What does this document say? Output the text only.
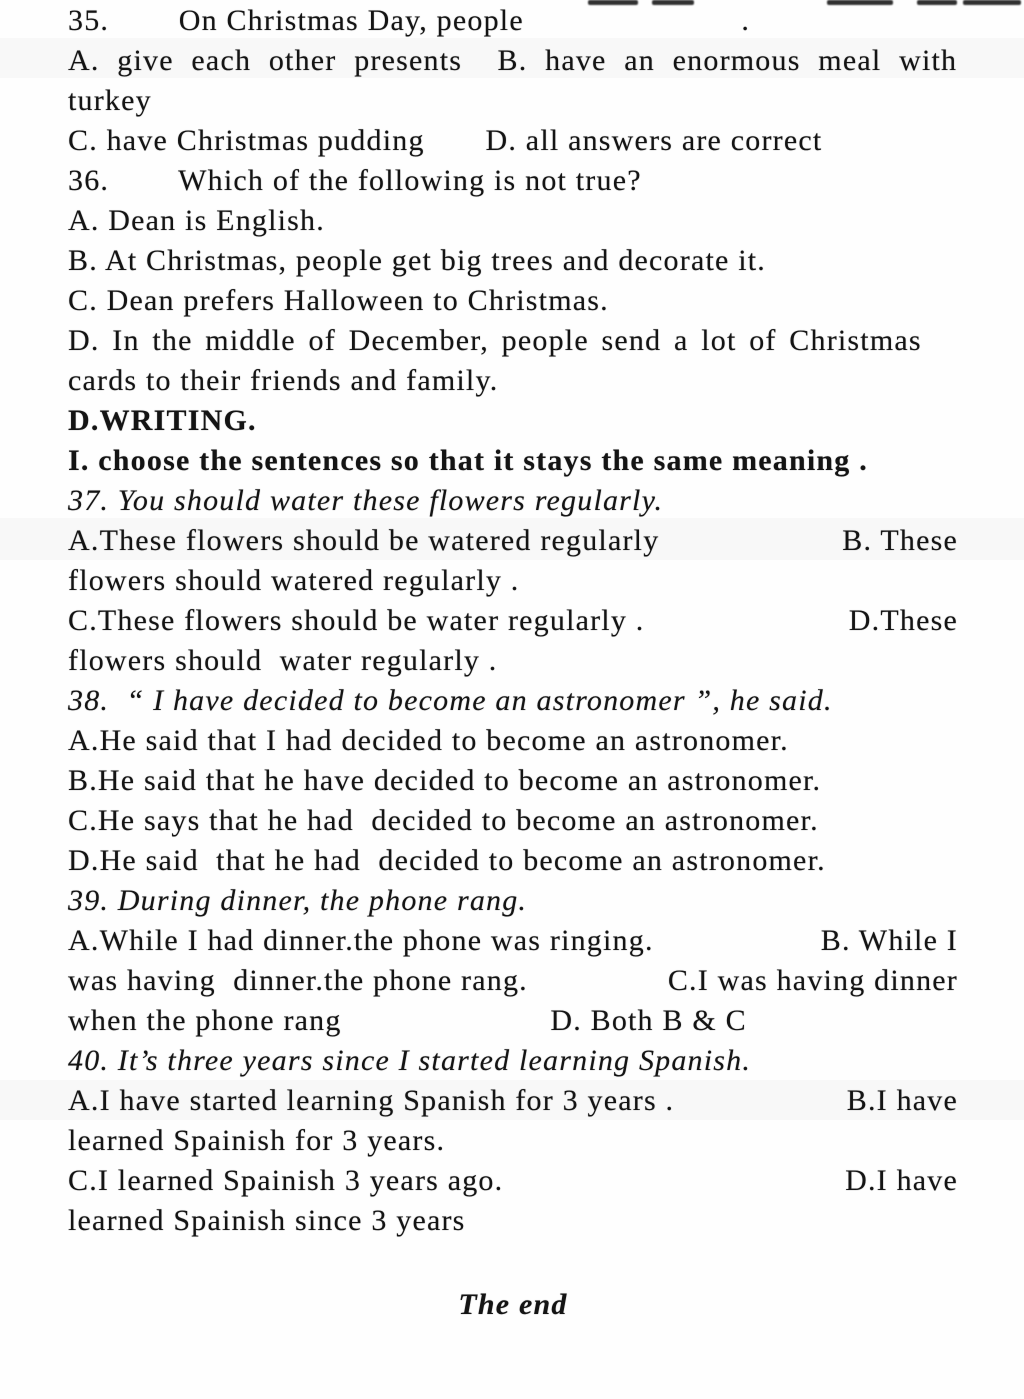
35.        On Christmas Day, people                         .
A. give each other presents  B. have an enormous meal with
turkey
C. have Christmas pudding       D. all answers are correct
36.        Which of the following is not true?
A. Dean is English.
B. At Christmas, people get big trees and decorate it.
C. Dean prefers Halloween to Christmas.
D. In the middle of December, people send a lot of Christmas
cards to their friends and family.
D.WRITING.
I. choose the sentences so that it stays the same meaning .
37. You should water these flowers regularly.
A.These flowers should be watered regularly	B. These
flowers should watered regularly .
C.These flowers should be water regularly .	D.These
flowers should  water regularly .
38.  “ I have decided to become an astronomer ”, he said.
A.He said that I had decided to become an astronomer.
B.He said that he have decided to become an astronomer.
C.He says that he had  decided to become an astronomer.
D.He said  that he had  decided to become an astronomer.
39. During dinner, the phone rang.
A.While I had dinner.the phone was ringing.	B. While I
was having  dinner.the phone rang.	C.I was having dinner
when the phone rang                        D. Both B & C
40. It’s three years since I started learning Spanish.
A.I have started learning Spanish for 3 years .	B.I have
learned Spainish for 3 years.
C.I learned Spainish 3 years ago.	D.I have
learned Spainish since 3 years
The end
